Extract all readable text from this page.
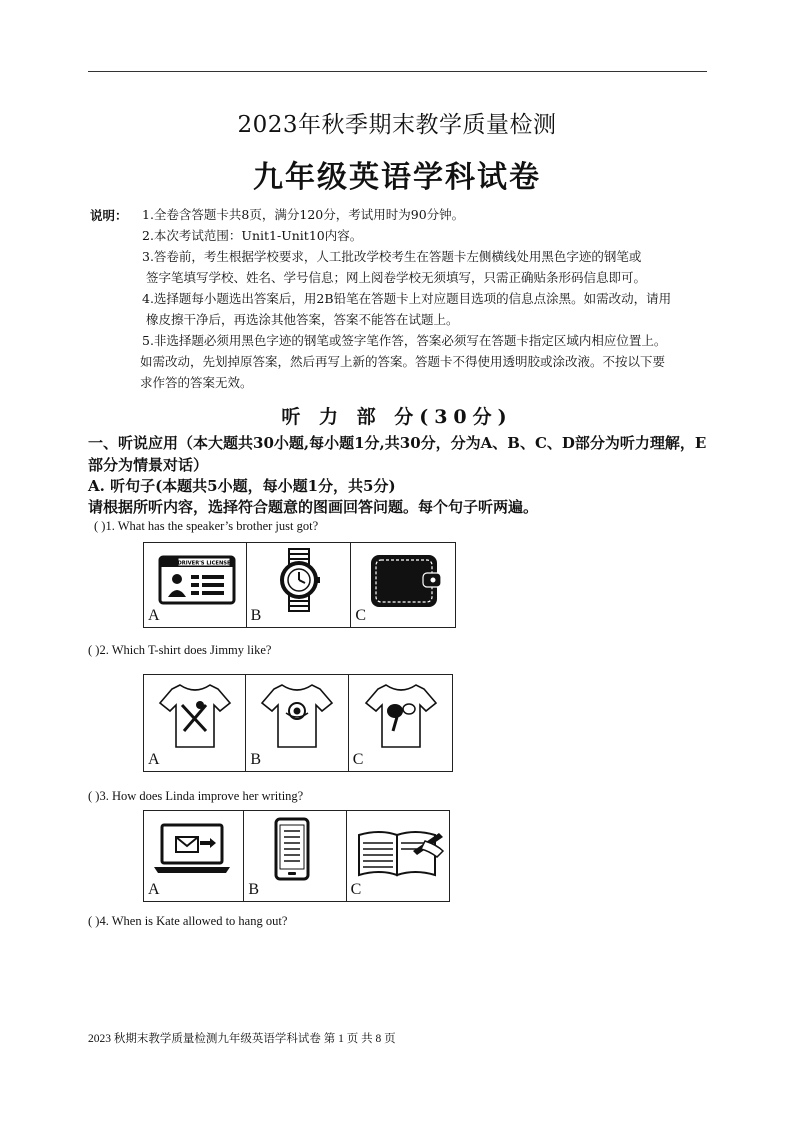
2023年秋季期末教学质量检测
九年级英语学科试卷
说明： 1.全卷含答题卡共8页，满分120分，考试用时为90分钟。

2.本次考试范围：Unit1-Unit10内容。

3.答卷前，考生根据学校要求，人工批改学校考生在答题卡左侧横线处用黑色字迹的钢笔或

签字笔填写学校、姓名、学号信息；网上阅卷学校无须填写，只需正确贴条形码信息即可。

4.选择题每小题选出答案后，用2B铅笔在答题卡上对应题目选项的信息点涂黑。如需改动，请用

橡皮擦干净后，再选涂其他答案，答案不能答在试题上。

5.非选择题必须用黑色字迹的钢笔或签字笔作答，答案必须写在答题卡指定区域内相应位置上。

如需改动，先划掉原答案，然后再写上新的答案。答题卡不得使用透明胶或涂改液。不按以下要

求作答的答案无效。

听 力 部 分(30分)
一、听说应用（本大题共30小题,每小题1分,共30分，分为A、B、C、D部分为听力理解，E部分为情景对话）
A. 听句子(本题共5小题，每小题1分，共5分)
请根据所听内容，选择符合题意的图画回答问题。每个句子听两遍。
( )1. What has the speaker’s brother just got?
DRIVER'S LICENSE
A	B	C
( )2. Which T-shirt does Jimmy like?
A	B	C
( )3. How does Linda improve her writing?
A	B	C
( )4. When is Kate allowed to hang out?
2023 秋期末教学质量检测九年级英语学科试卷 第 1 页 共 8 页
